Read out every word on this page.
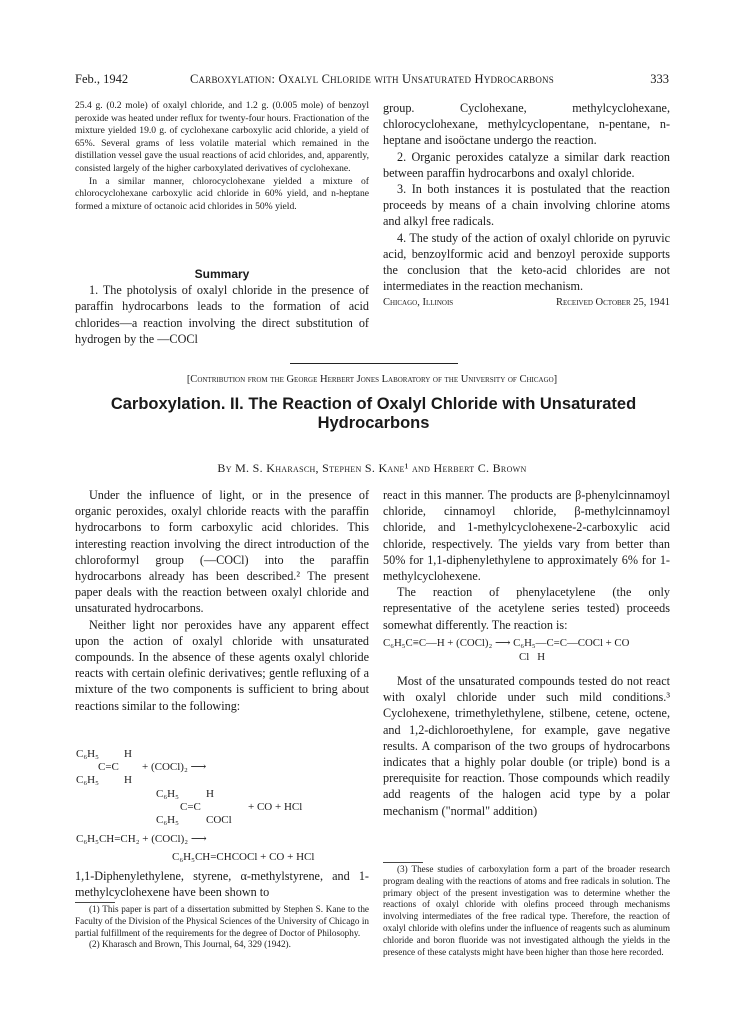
Feb., 1942	Carboxylation: Oxalyl Chloride with Unsaturated Hydrocarbons	333

25.4 g. (0.2 mole) of oxalyl chloride, and 1.2 g. (0.005 mole) of benzoyl peroxide was heated under reflux for twenty-four hours. Fractionation of the mixture yielded 19.0 g. of cyclohexane carboxylic acid chloride, a yield of 65%. Several grams of less volatile material which remained in the distillation vessel gave the usual reactions of acid chlorides, and, apparently, consisted largely of the higher carboxylated derivatives of cyclohexane.

In a similar manner, chlorocyclohexane yielded a mixture of chlorocyclohexane carboxylic acid chloride in 60% yield, and n-heptane formed a mixture of octanoic acid chlorides in 50% yield.

Summary

1. The photolysis of oxalyl chloride in the presence of paraffin hydrocarbons leads to the formation of acid chlorides—a reaction involving the direct substitution of hydrogen by the —COCl

group. Cyclohexane, methylcyclohexane, chlorocyclohexane, methylcyclopentane, n-pentane, n-heptane and isoöctane undergo the reaction.

2. Organic peroxides catalyze a similar dark reaction between paraffin hydrocarbons and oxalyl chloride.

3. In both instances it is postulated that the reaction proceeds by means of a chain involving chlorine atoms and alkyl free radicals.

4. The study of the action of oxalyl chloride on pyruvic acid, benzoylformic acid and benzoyl peroxide supports the conclusion that the keto-acid chlorides are not intermediates in the reaction mechanism.

Chicago, Illinois	Received October 25, 1941
[Contribution from the George Herbert Jones Laboratory of the University of Chicago]
Carboxylation. II. The Reaction of Oxalyl Chloride with Unsaturated Hydrocarbons
By M. S. Kharasch, Stephen S. Kane¹ and Herbert C. Brown

Under the influence of light, or in the presence of organic peroxides, oxalyl chloride reacts with the paraffin hydrocarbons to form carboxylic acid chlorides. This interesting reaction involving the direct introduction of the chloroformyl group (—COCl) into the paraffin hydrocarbons already has been described.² The present paper deals with the reaction between oxalyl chloride and unsaturated hydrocarbons.

Neither light nor peroxides have any apparent effect upon the action of oxalyl chloride with unsaturated compounds. In the absence of these agents oxalyl chloride reacts with certain olefinic derivatives; gentle refluxing of a mixture of the two components is sufficient to bring about reactions similar to the following:

C₆H₅
C₆H₅
C=C
H
H
+ (COCl)₂ ⟶
C₆H₅
C₆H₅
C=C
H
COCl
+ CO + HCl
C₆H₅CH=CH₂ + (COCl)₂ ⟶
C₆H₅CH=CHCOCl + CO + HCl

1,1-Diphenylethylene, styrene, α-methylstyrene, and 1-methylcyclohexene have been shown to

(1) This paper is part of a dissertation submitted by Stephen S. Kane to the Faculty of the Division of the Physical Sciences of the University of Chicago in partial fulfillment of the requirements for the degree of Doctor of Philosophy.

(2) Kharasch and Brown, This Journal, 64, 329 (1942).

react in this manner. The products are β-phenylcinnamoyl chloride, cinnamoyl chloride, β-methylcinnamoyl chloride, and 1-methylcyclohexene-2-carboxylic acid chloride, respectively. The yields vary from better than 50% for 1,1-diphenylethylene to approximately 6% for 1-methylcyclohexene.

The reaction of phenylacetylene (the only representative of the acetylene series tested) proceeds somewhat differently. The reaction is:

C₆H₅C≡C—H + (COCl)₂ ⟶ C₆H₅—C=C—COCl + CO
Cl   H

Most of the unsaturated compounds tested do not react with oxalyl chloride under such mild conditions.³ Cyclohexene, trimethylethylene, stilbene, cetene, octene, and 1,2-dichloroethylene, for example, gave negative results. A comparison of the two groups of hydrocarbons indicates that a highly polar double (or triple) bond is a prerequisite for reaction. Those compounds which readily add reagents of the halogen acid type by a polar mechanism ("normal" addition)

(3) These studies of carboxylation form a part of the broader research program dealing with the reactions of atoms and free radicals in solution. The primary object of the present investigation was to determine whether the reactions of oxalyl chloride with olefins proceed through mechanisms involving intermediates of the free radical type. Therefore, the reaction of oxalyl chloride with olefins under the influence of reagents such as aluminum chloride and boron fluoride was not investigated although the yields in the presence of these catalysts might have been higher than those here recorded.
